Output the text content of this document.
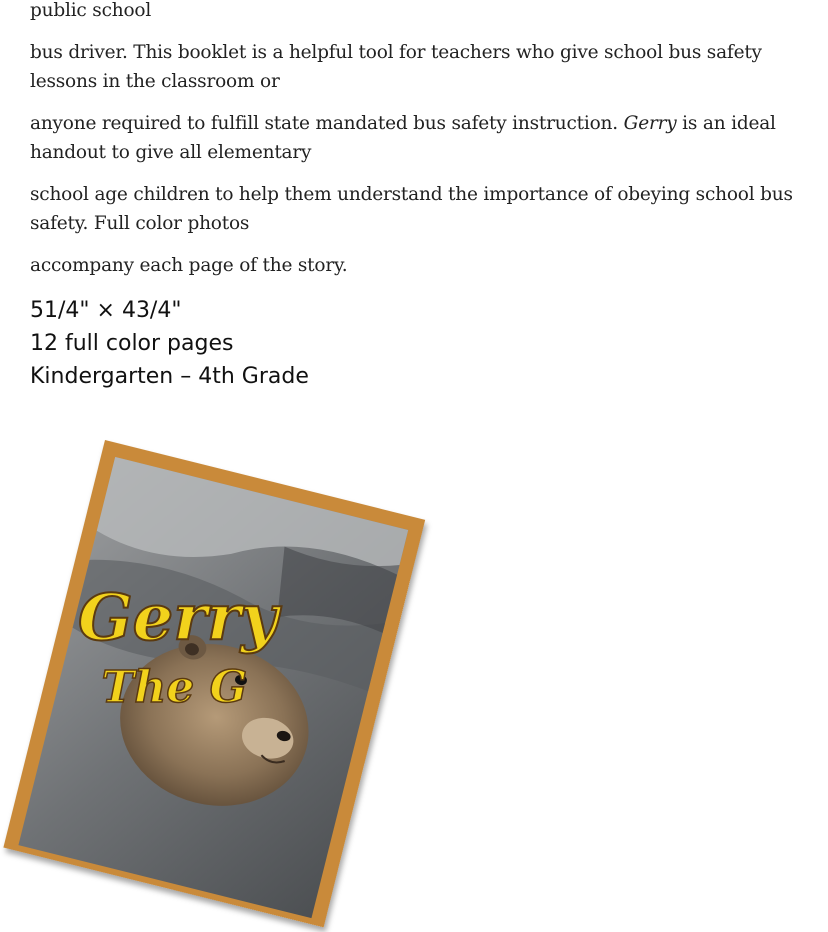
public school

bus driver. This booklet is a helpful tool for teachers who give school bus safety lessons in the classroom or

anyone required to fulfill state mandated bus safety instruction. Gerry is an ideal handout to give all elementary

school age children to help them understand the importance of obeying school bus safety. Full color photos

accompany each page of the story.

51/4" × 43/4"

12 full color pages

Kindergarten – 4th Grade

Gerry
The G
